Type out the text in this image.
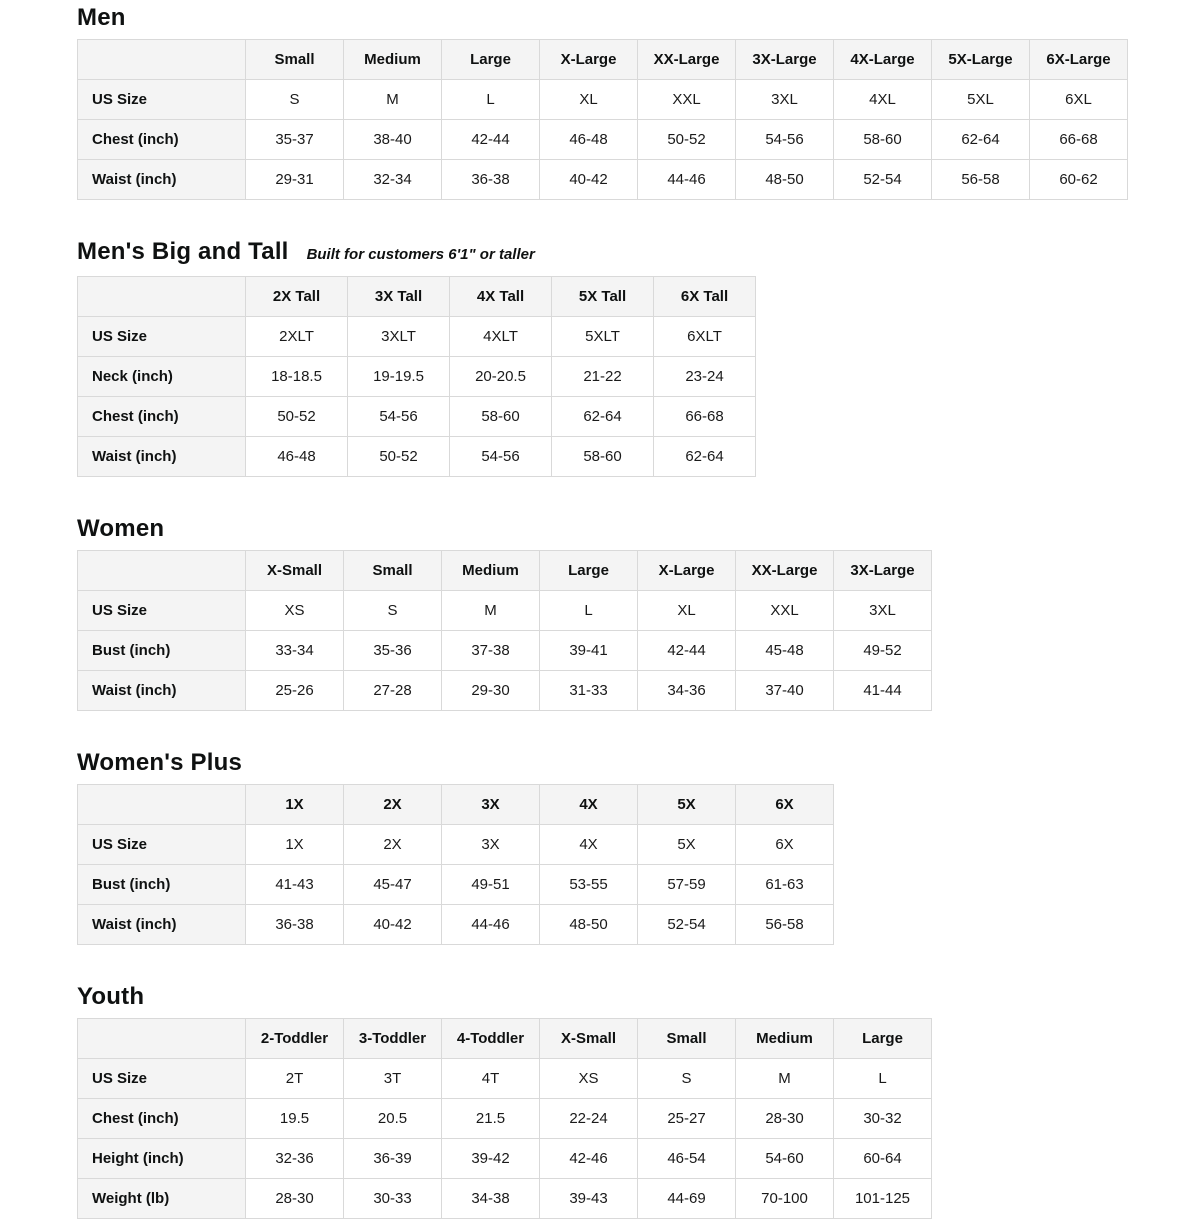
Men
	Small	Medium	Large	X-Large	XX-Large	3X-Large	4X-Large	5X-Large	6X-Large
US Size	S	M	L	XL	XXL	3XL	4XL	5XL	6XL
Chest (inch)	35-37	38-40	42-44	46-48	50-52	54-56	58-60	62-64	66-68
Waist (inch)	29-31	32-34	36-38	40-42	44-46	48-50	52-54	56-58	60-62
Men's Big and Tall Built for customers 6'1" or taller
	2X Tall	3X Tall	4X Tall	5X Tall	6X Tall
US Size	2XLT	3XLT	4XLT	5XLT	6XLT
Neck (inch)	18-18.5	19-19.5	20-20.5	21-22	23-24
Chest (inch)	50-52	54-56	58-60	62-64	66-68
Waist (inch)	46-48	50-52	54-56	58-60	62-64
Women
	X-Small	Small	Medium	Large	X-Large	XX-Large	3X-Large
US Size	XS	S	M	L	XL	XXL	3XL
Bust (inch)	33-34	35-36	37-38	39-41	42-44	45-48	49-52
Waist (inch)	25-26	27-28	29-30	31-33	34-36	37-40	41-44
Women's Plus
	1X	2X	3X	4X	5X	6X
US Size	1X	2X	3X	4X	5X	6X
Bust (inch)	41-43	45-47	49-51	53-55	57-59	61-63
Waist (inch)	36-38	40-42	44-46	48-50	52-54	56-58
Youth
	2-Toddler	3-Toddler	4-Toddler	X-Small	Small	Medium	Large
US Size	2T	3T	4T	XS	S	M	L
Chest (inch)	19.5	20.5	21.5	22-24	25-27	28-30	30-32
Height (inch)	32-36	36-39	39-42	42-46	46-54	54-60	60-64
Weight (lb)	28-30	30-33	34-38	39-43	44-69	70-100	101-125
